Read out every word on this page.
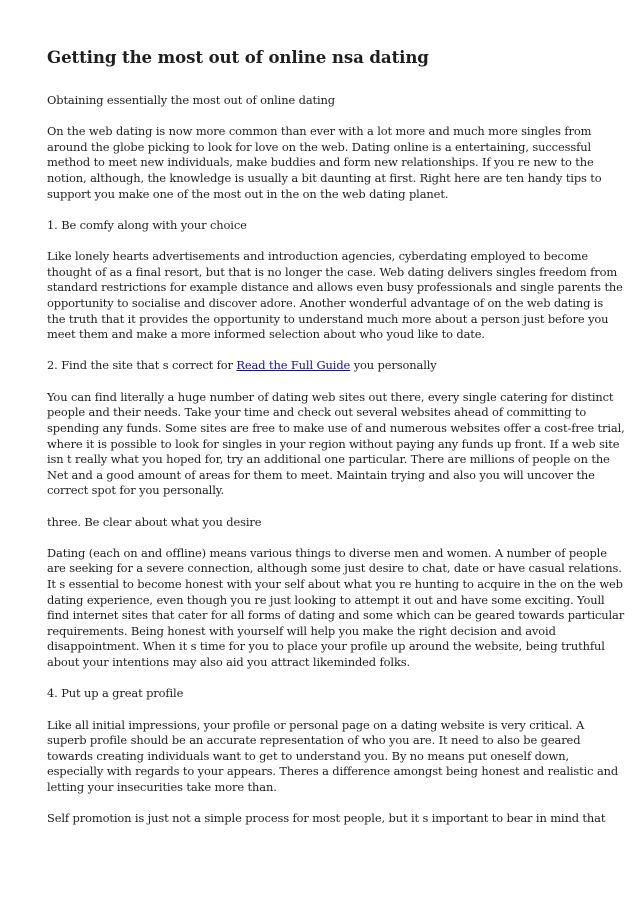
Getting the most out of online nsa dating
Obtaining essentially the most out of online dating
On the web dating is now more common than ever with a lot more and much more singles from
around the globe picking to look for love on the web. Dating online is a entertaining, successful
method to meet new individuals, make buddies and form new relationships. If you re new to the
notion, although, the knowledge is usually a bit daunting at first. Right here are ten handy tips to
support you make one of the most out in the on the web dating planet.
1. Be comfy along with your choice
Like lonely hearts advertisements and introduction agencies, cyberdating employed to become
thought of as a final resort, but that is no longer the case. Web dating delivers singles freedom from
standard restrictions for example distance and allows even busy professionals and single parents the
opportunity to socialise and discover adore. Another wonderful advantage of on the web dating is
the truth that it provides the opportunity to understand much more about a person just before you
meet them and make a more informed selection about who youd like to date.
2. Find the site that s correct for Read the Full Guide you personally
You can find literally a huge number of dating web sites out there, every single catering for distinct
people and their needs. Take your time and check out several websites ahead of committing to
spending any funds. Some sites are free to make use of and numerous websites offer a cost-free trial,
where it is possible to look for singles in your region without paying any funds up front. If a web site
isn t really what you hoped for, try an additional one particular. There are millions of people on the
Net and a good amount of areas for them to meet. Maintain trying and also you will uncover the
correct spot for you personally.
three. Be clear about what you desire
Dating (each on and offline) means various things to diverse men and women. A number of people
are seeking for a severe connection, although some just desire to chat, date or have casual relations.
It s essential to become honest with your self about what you re hunting to acquire in the on the web
dating experience, even though you re just looking to attempt it out and have some exciting. Youll
find internet sites that cater for all forms of dating and some which can be geared towards particular
requirements. Being honest with yourself will help you make the right decision and avoid
disappointment. When it s time for you to place your profile up around the website, being truthful
about your intentions may also aid you attract likeminded folks.
4. Put up a great profile
Like all initial impressions, your profile or personal page on a dating website is very critical. A
superb profile should be an accurate representation of who you are. It need to also be geared
towards creating individuals want to get to understand you. By no means put oneself down,
especially with regards to your appears. Theres a difference amongst being honest and realistic and
letting your insecurities take more than.
Self promotion is just not a simple process for most people, but it s important to bear in mind that
